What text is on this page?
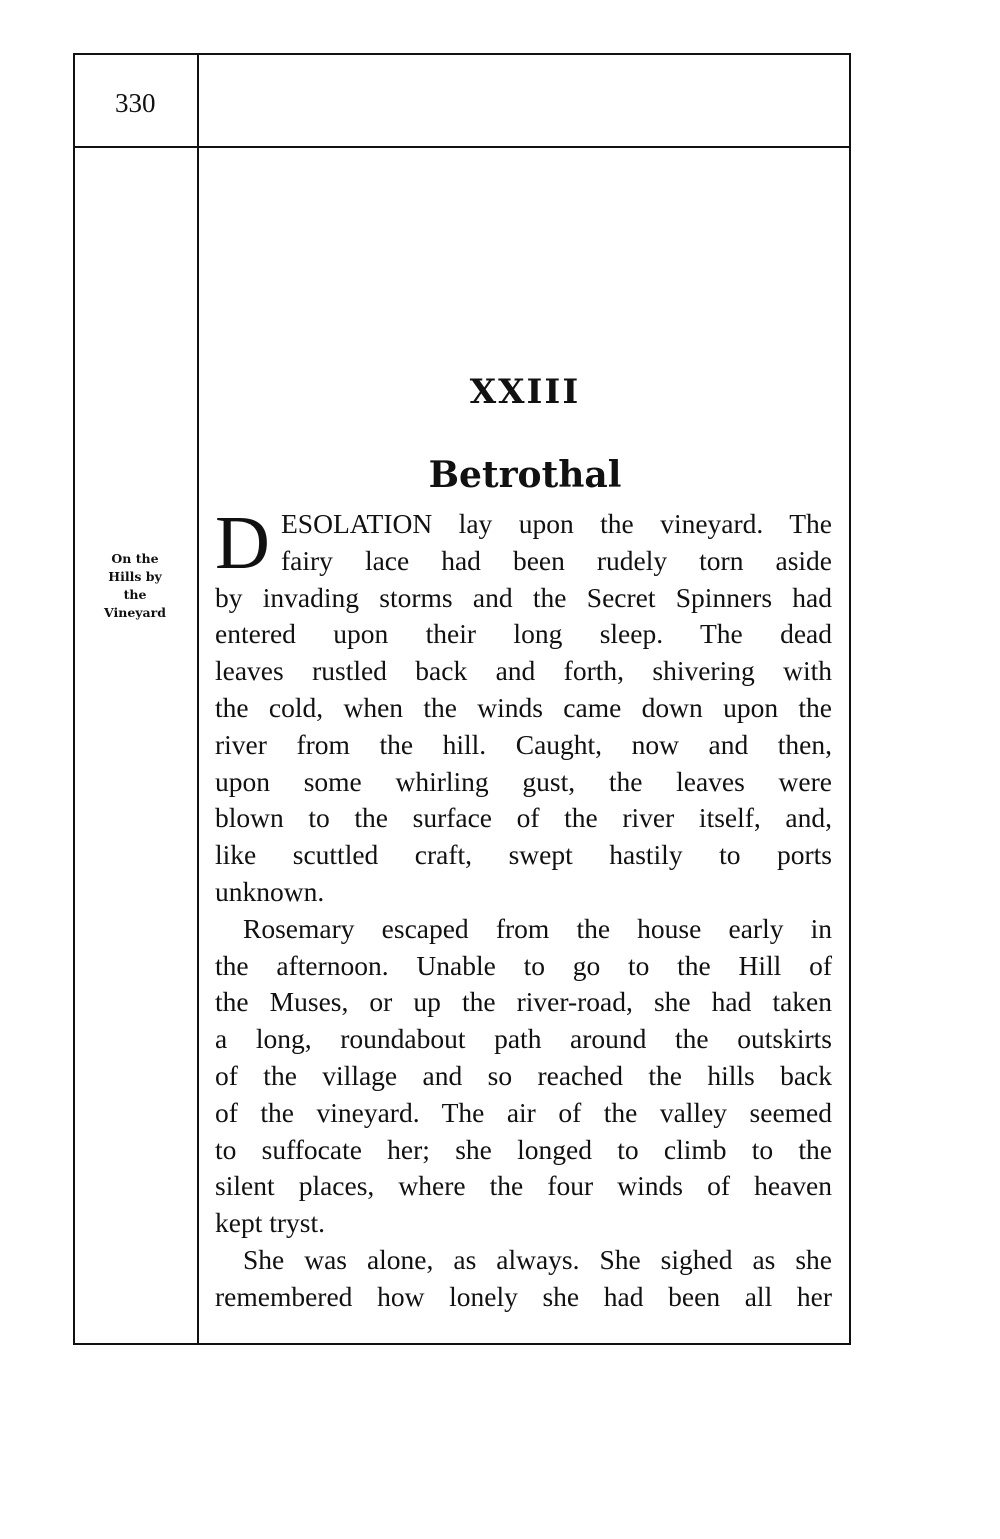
330
On the
Hills by
the
Vineyard
XXIII
Betrothal
D ESOLATION lay upon the vineyard. The
fairy lace had been rudely torn aside
by invading storms and the Secret Spinners had
entered upon their long sleep. The dead
leaves rustled back and forth, shivering with
the cold, when the winds came down upon the
river from the hill. Caught, now and then,
upon some whirling gust, the leaves were
blown to the surface of the river itself, and,
like scuttled craft, swept hastily to ports
unknown.
Rosemary escaped from the house early in
the afternoon. Unable to go to the Hill of
the Muses, or up the river-road, she had taken
a long, roundabout path around the outskirts
of the village and so reached the hills back
of the vineyard. The air of the valley seemed
to suffocate her; she longed to climb to the
silent places, where the four winds of heaven
kept tryst.
She was alone, as always. She sighed as she
remembered how lonely she had been all her
